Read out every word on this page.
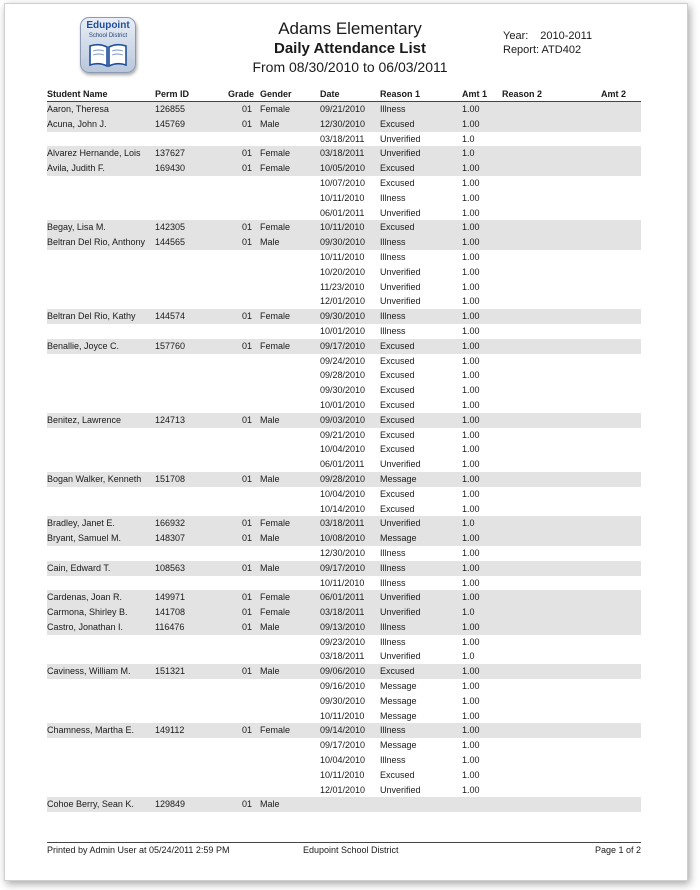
Edupoint
School District	Adams Elementary
Daily Attendance List
From 08/30/2010 to 06/03/2011
Year: 2010-2011
Report: ATD402
Student Name	Perm ID	Grade Gender	Date	Reason 1	Amt 1 Reason 2	Amt 2
Aaron, Theresa	126855	01 Female	09/21/2010 Illness	1.00
Acuna, John J.	145769	01 Male	12/30/2010 Excused	1.00
03/18/2011 Unverified	1.0
Alvarez Hernande, Lois 137627	01 Female	03/18/2011 Unverified	1.0
Avila, Judith F.	169430	01 Female	10/05/2010 Excused	1.00
10/07/2010 Excused	1.00
10/11/2010 Illness	1.00
06/01/2011 Unverified	1.00
Begay, Lisa M.	142305	01 Female	10/11/2010 Excused	1.00
Beltran Del Rio, Anthony 144565	01 Male	09/30/2010 Illness	1.00
10/11/2010 Illness	1.00
10/20/2010 Unverified	1.00
11/23/2010 Unverified	1.00
12/01/2010 Unverified	1.00
Beltran Del Rio, Kathy 144574	01 Female	09/30/2010 Illness	1.00
10/01/2010 Illness	1.00
Benallie, Joyce C.	157760	01 Female	09/17/2010 Excused	1.00
09/24/2010 Excused	1.00
09/28/2010 Excused	1.00
09/30/2010 Excused	1.00
10/01/2010 Excused	1.00
Benitez, Lawrence	124713	01 Male	09/03/2010 Excused	1.00
09/21/2010 Excused	1.00
10/04/2010 Excused	1.00
06/01/2011 Unverified	1.00
Bogan Walker, Kenneth 151708	01 Male	09/28/2010 Message	1.00
10/04/2010 Excused	1.00
10/14/2010 Excused	1.00
Bradley, Janet E.	166932	01 Female	03/18/2011 Unverified	1.0
Bryant, Samuel M.	148307	01 Male	10/08/2010 Message	1.00
12/30/2010 Illness	1.00
Cain, Edward T.	108563	01 Male	09/17/2010 Illness	1.00
10/11/2010 Illness	1.00
Cardenas, Joan R.	149971	01 Female	06/01/2011 Unverified	1.00
Carmona, Shirley B.	141708	01 Female	03/18/2011 Unverified	1.0
Castro, Jonathan I.	116476	01 Male	09/13/2010 Illness	1.00
09/23/2010 Illness	1.00
03/18/2011 Unverified	1.0
Caviness, William M.	151321	01 Male	09/06/2010 Excused	1.00
09/16/2010 Message	1.00
09/30/2010 Message	1.00
10/11/2010 Message	1.00
Chamness, Martha E. 149112	01 Female	09/14/2010 Illness	1.00
09/17/2010 Message	1.00
10/04/2010 Illness	1.00
10/11/2010 Excused	1.00
12/01/2010 Unverified	1.00
Cohoe Berry, Sean K. 129849	01 Male
Printed by Admin User at 05/24/2011 2:59 PM	Edupoint School District	Page 1 of 2
